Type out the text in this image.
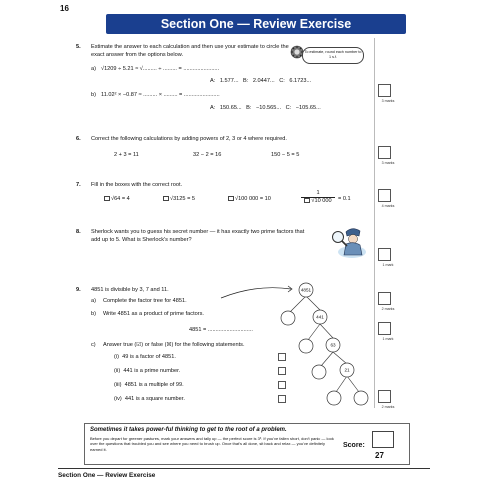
16
Section One — Review Exercise
5. Estimate the answer to each calculation and then use your estimate to circle the exact answer from the options below.	To estimate, round each number to 1 s.f.
a) √1209 ÷ 5.21 ≈ √......... ÷ ......... = .......................
A: 1.577... B: 2.0447... C: 6.1723...
b) 11.02² × −0.87 ≈ ......... × ......... = .......................
A: 150.65... B: −10.565... C: −105.65...
3 marks
6. Correct the following calculations by adding powers of 2, 3 or 4 where required.
2 + 3 = 11	32 − 2 = 16	150 − 5 = 5
3 marks
7. Fill in the boxes with the correct root.
√64 = 4	√3125 = 5	√100 000 = 10	$\frac{1}{√10 000} = 0.1$
4 marks
8. Sherlock wants you to guess his secret number — it has exactly two prime factors that add up to 5. What is Sherlock's number?
1 mark
9. 4851 is divisible by 3, 7 and 11.
a) Complete the factor tree for 4851.
b) Write 4851 as a product of prime factors.
4851 = .............................
c) Answer true (☑) or false (☒) for the following statements.
(i) 49 is a factor of 4851.
(ii) 441 is a prime number.
(iii) 4851 is a multiple of 99.
(iv) 441 is a square number.
4851
441
63
21
2 marks
1 mark
2 marks
Sometimes it takes power-ful thinking to get to the root of a problem.
Before you depart for greener pastures, mark your answers and tally up — the perfect score is 3³. If you've fallen short, don't panic — look over the questions that troubled you and see where you need to brush up. Once that's all done, sit back and relax — you've definitely earned it.
Score:
27
Section One — Review Exercise
